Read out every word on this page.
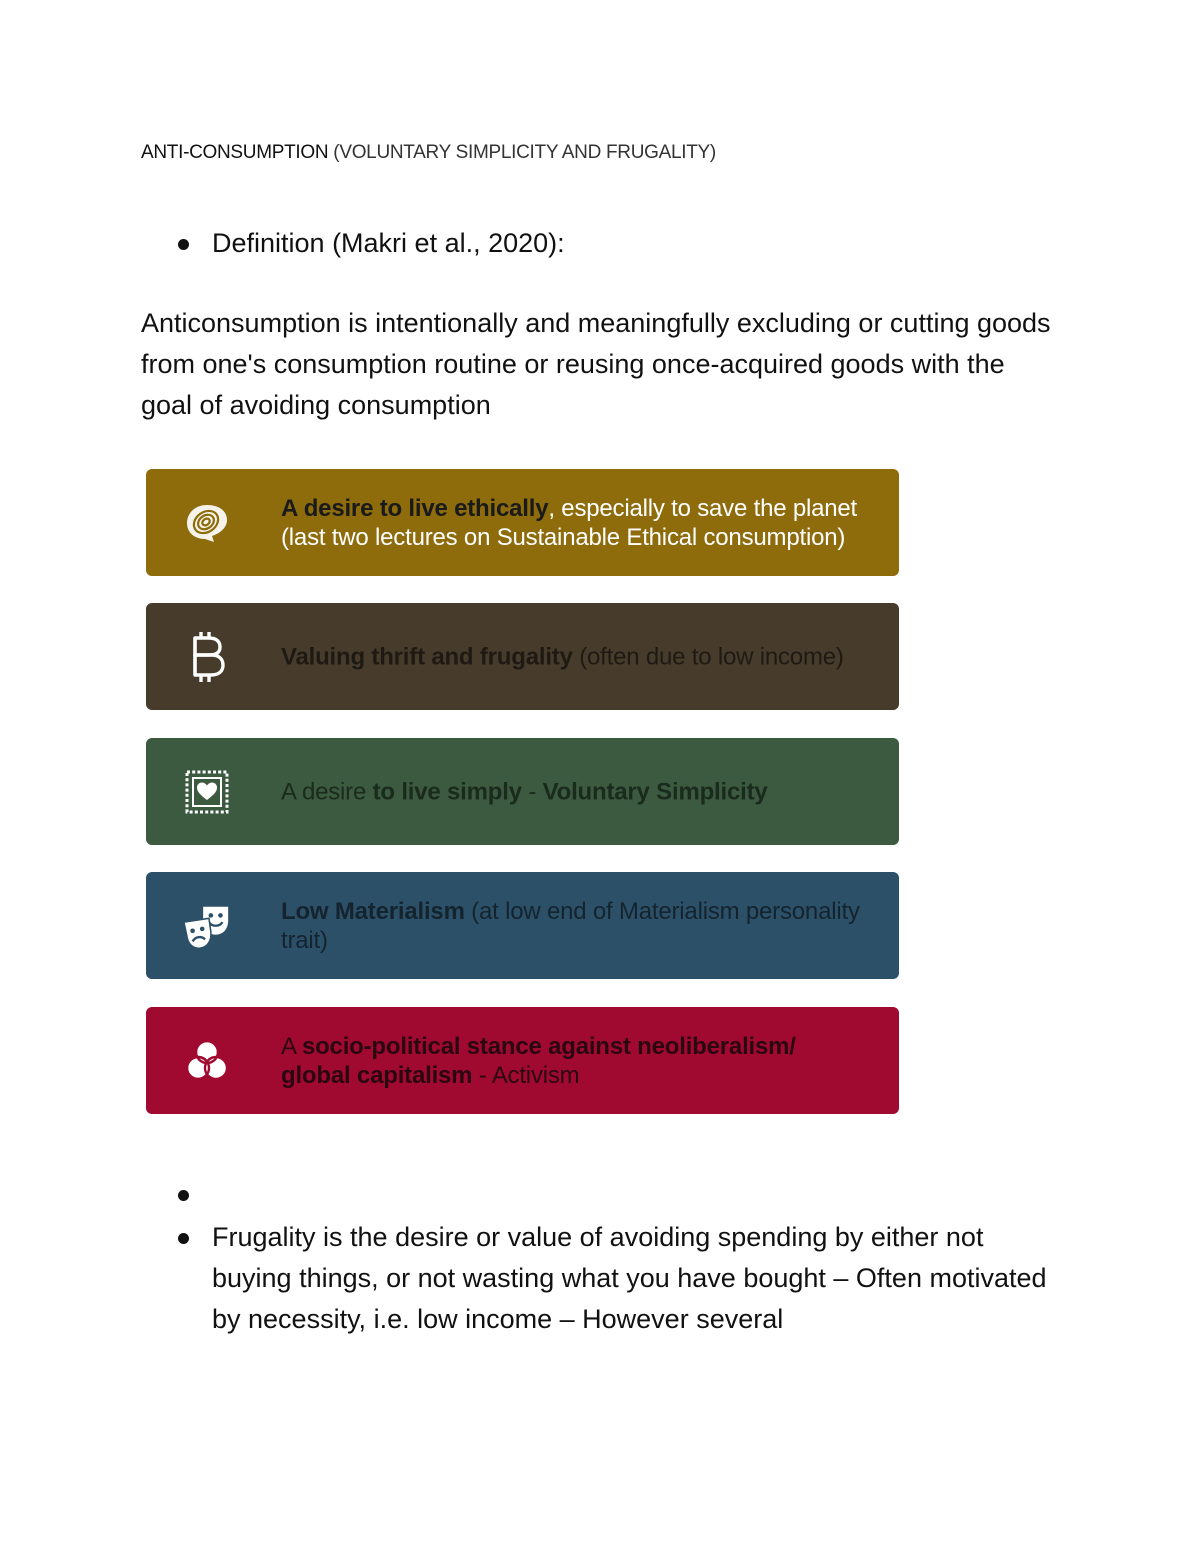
ANTI-CONSUMPTION (VOLUNTARY SIMPLICITY AND FRUGALITY)
Definition (Makri et al., 2020):
Anticonsumption is intentionally and meaningfully excluding or cutting goods from one's consumption routine or reusing once-acquired goods with the goal of avoiding consumption
A desire to live ethically, especially to save the planet (last two lectures on Sustainable Ethical consumption)
Valuing thrift and frugality (often due to low income)
A desire to live simply - Voluntary Simplicity
Low Materialism (at low end of Materialism personality trait)
A socio-political stance against neoliberalism/ global capitalism - Activism
Frugality is the desire or value of avoiding spending by either not buying things, or not wasting what you have bought – Often motivated by necessity, i.e. low income – However several
